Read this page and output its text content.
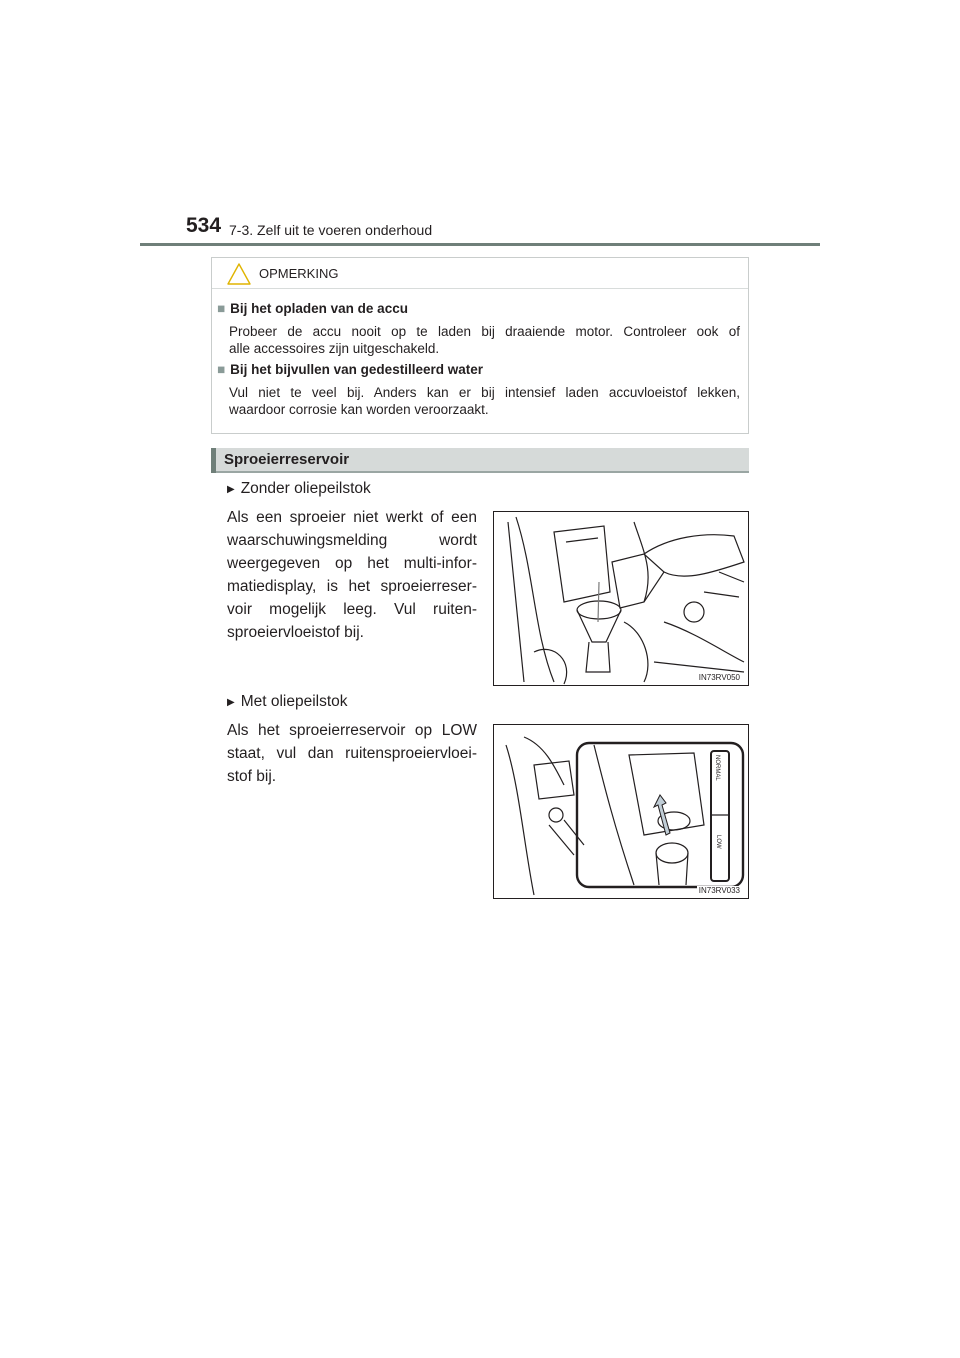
534 7-3. Zelf uit te voeren onderhoud
OPMERKING
■ Bij het opladen van de accu
Probeer de accu nooit op te laden bij draaiende motor. Controleer ook of
alle accessoires zijn uitgeschakeld.
■ Bij het bijvullen van gedestilleerd water
Vul niet te veel bij. Anders kan er bij intensief laden accuvloeistof lekken,
waardoor corrosie kan worden veroorzaakt.
Sproeierreservoir
▶ Zonder oliepeilstok
Als een sproeier niet werkt of een
waarschuwingsmelding wordt
weergegeven op het multi-infor-
matiedisplay, is het sproeierreser-
voir mogelijk leeg. Vul ruiten-
sproeiervloeistof bij.
IN73RV050
▶ Met oliepeilstok
Als het sproeierreservoir op LOW
staat, vul dan ruitensproeiervloei-
stof bij.	NORMAL
LOW
IN73RV033
